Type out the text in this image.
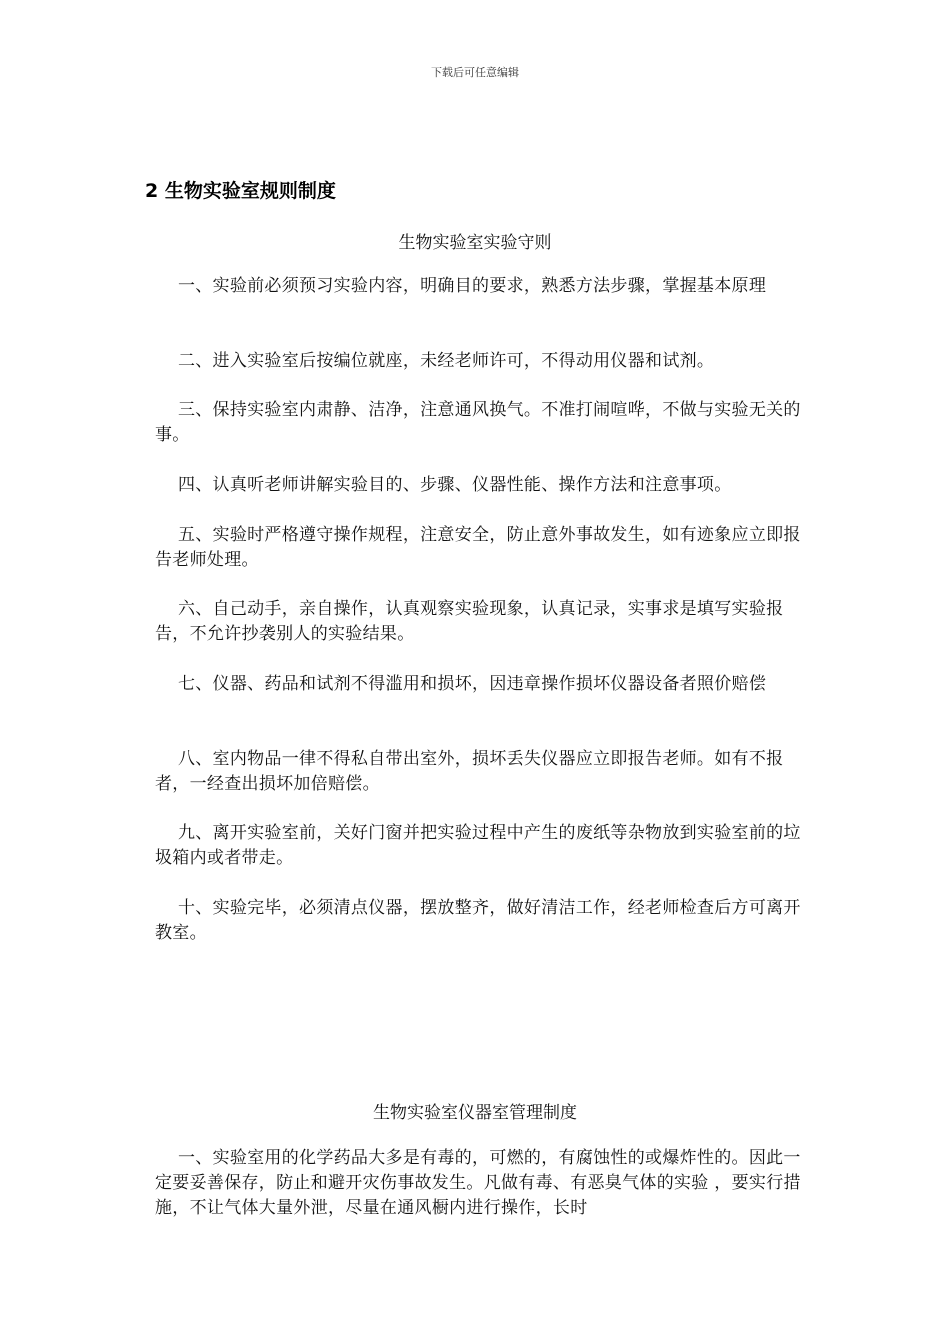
下载后可任意编辑
2 生物实验室规则制度
生物实验室实验守则
一、实验前必须预习实验内容，明确目的要求，熟悉方法步骤，掌握基本原理
二、进入实验室后按编位就座，未经老师许可，不得动用仪器和试剂。
三、保持实验室内肃静、洁净，注意通风换气。不准打闹喧哗，不做与实验无关的事。
四、认真听老师讲解实验目的、步骤、仪器性能、操作方法和注意事项。
五、实验时严格遵守操作规程，注意安全，防止意外事故发生，如有迹象应立即报告老师处理。
六、自己动手，亲自操作，认真观察实验现象，认真记录，实事求是填写实验报告，不允许抄袭别人的实验结果。
七、仪器、药品和试剂不得滥用和损坏，因违章操作损坏仪器设备者照价赔偿
八、室内物品一律不得私自带出室外，损坏丢失仪器应立即报告老师。如有不报者，一经查出损坏加倍赔偿。
九、离开实验室前，关好门窗并把实验过程中产生的废纸等杂物放到实验室前的垃圾箱内或者带走。
十、实验完毕，必须清点仪器，摆放整齐，做好清洁工作，经老师检查后方可离开教室。
生物实验室仪器室管理制度
一、实验室用的化学药品大多是有毒的，可燃的，有腐蚀性的或爆炸性的。因此一定要妥善保存，防止和避开灾伤事故发生。凡做有毒、有恶臭气体的实验 ，要实行措施，不让气体大量外泄，尽量在通风橱内进行操作，长时
